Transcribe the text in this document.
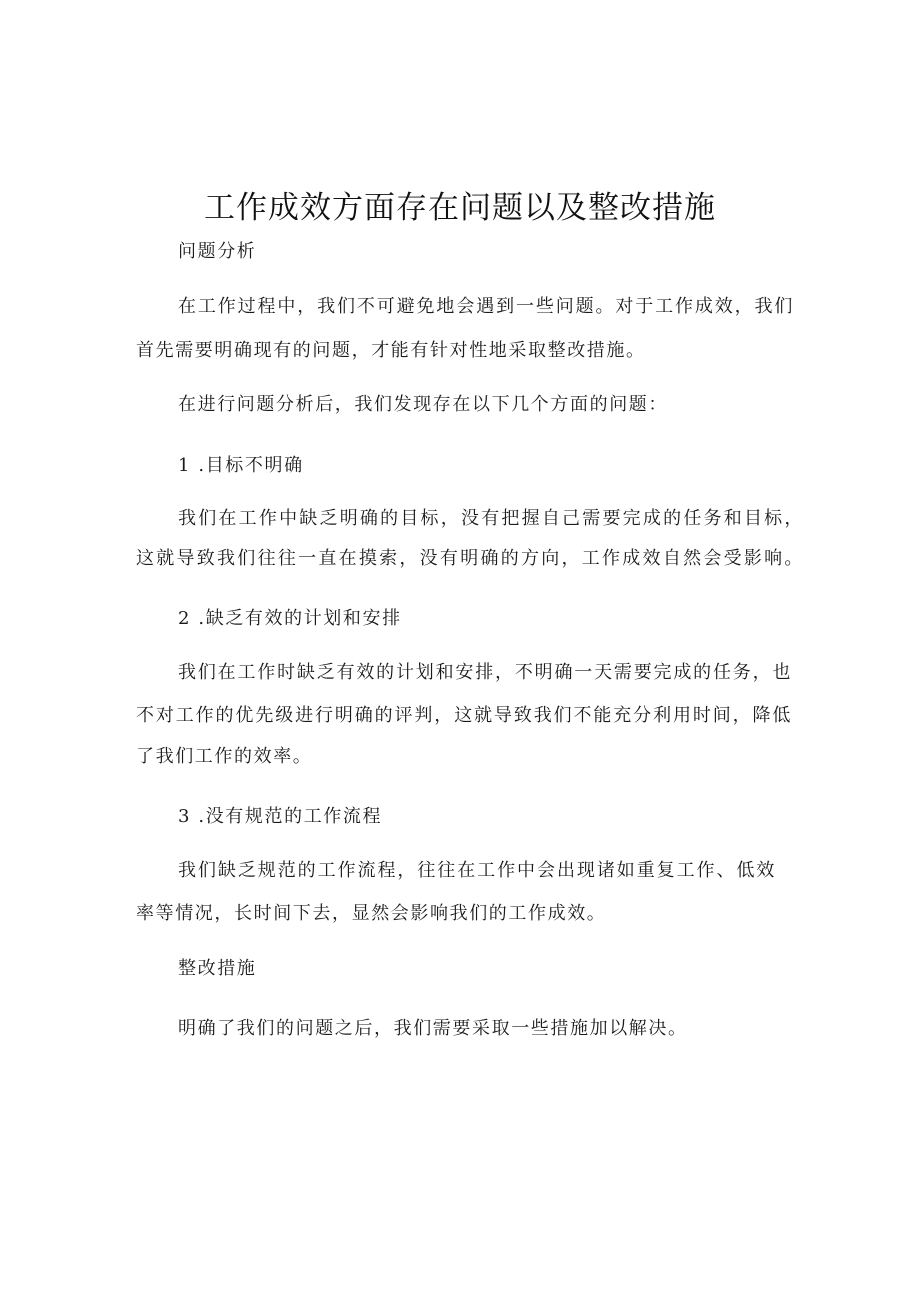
工作成效方面存在问题以及整改措施

问题分析

在工作过程中，我们不可避免地会遇到一些问题。对于工作成效，我们

首先需要明确现有的问题，才能有针对性地采取整改措施。

在进行问题分析后，我们发现存在以下几个方面的问题：

1 .目标不明确

我们在工作中缺乏明确的目标，没有把握自己需要完成的任务和目标，

这就导致我们往往一直在摸索，没有明确的方向，工作成效自然会受影响。

2 .缺乏有效的计划和安排

我们在工作时缺乏有效的计划和安排，不明确一天需要完成的任务，也

不对工作的优先级进行明确的评判，这就导致我们不能充分利用时间，降低

了我们工作的效率。

3 .没有规范的工作流程

我们缺乏规范的工作流程，往往在工作中会出现诸如重复工作、低效

率等情况，长时间下去，显然会影响我们的工作成效。

整改措施

明确了我们的问题之后，我们需要采取一些措施加以解决。
